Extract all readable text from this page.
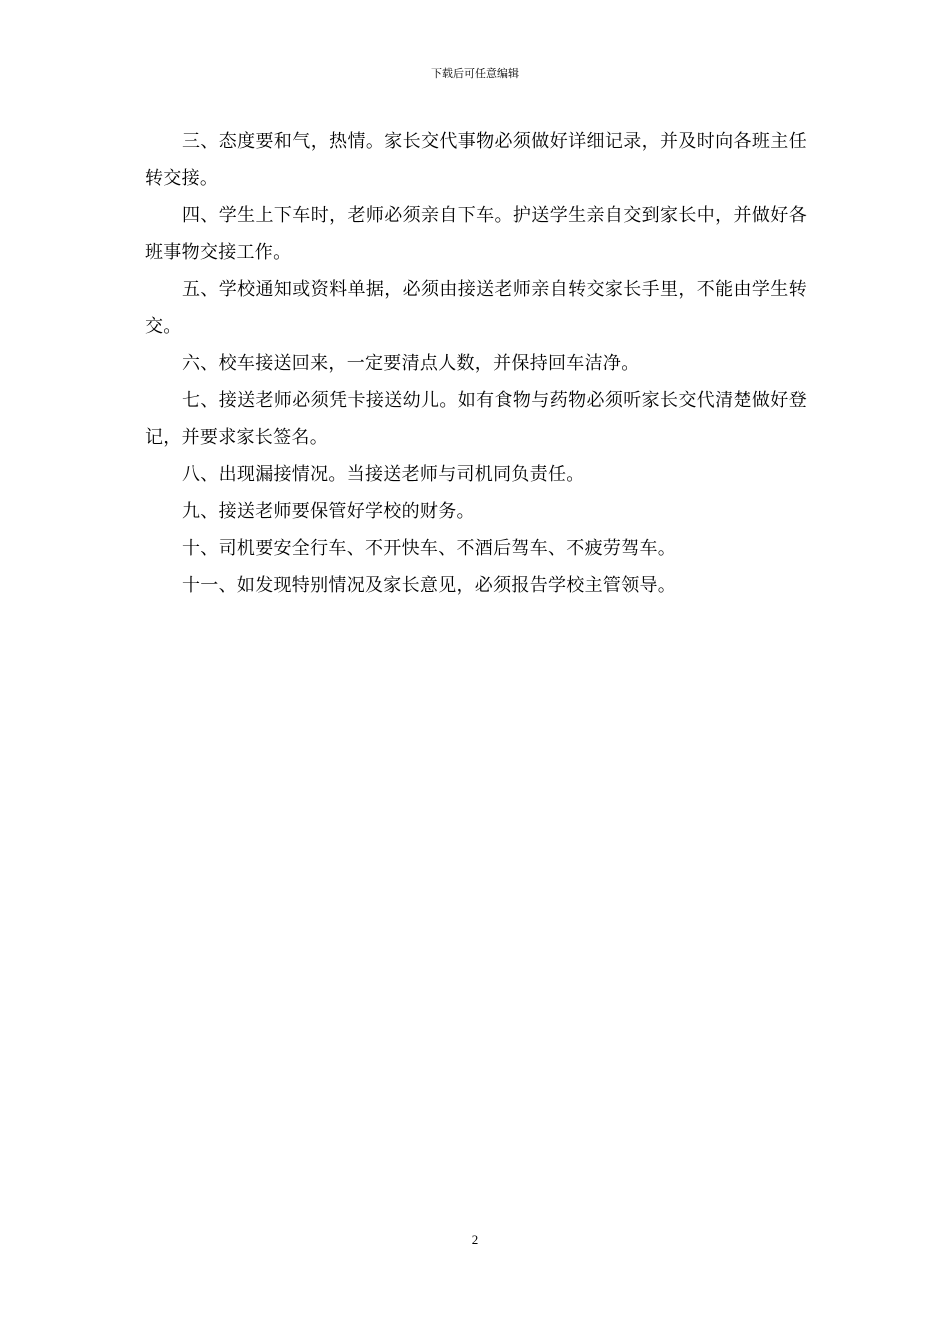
下载后可任意编辑

三、态度要和气，热情。家长交代事物必须做好详细记录，并及时向各班主任转交接。

四、学生上下车时，老师必须亲自下车。护送学生亲自交到家长中，并做好各班事物交接工作。

五、学校通知或资料单据，必须由接送老师亲自转交家长手里，不能由学生转交。

六、校车接送回来，一定要清点人数，并保持回车洁净。

七、接送老师必须凭卡接送幼儿。如有食物与药物必须听家长交代清楚做好登记，并要求家长签名。

八、出现漏接情况。当接送老师与司机同负责任。

九、接送老师要保管好学校的财务。

十、司机要安全行车、不开快车、不酒后驾车、不疲劳驾车。

十一、如发现特别情况及家长意见，必须报告学校主管领导。

2
